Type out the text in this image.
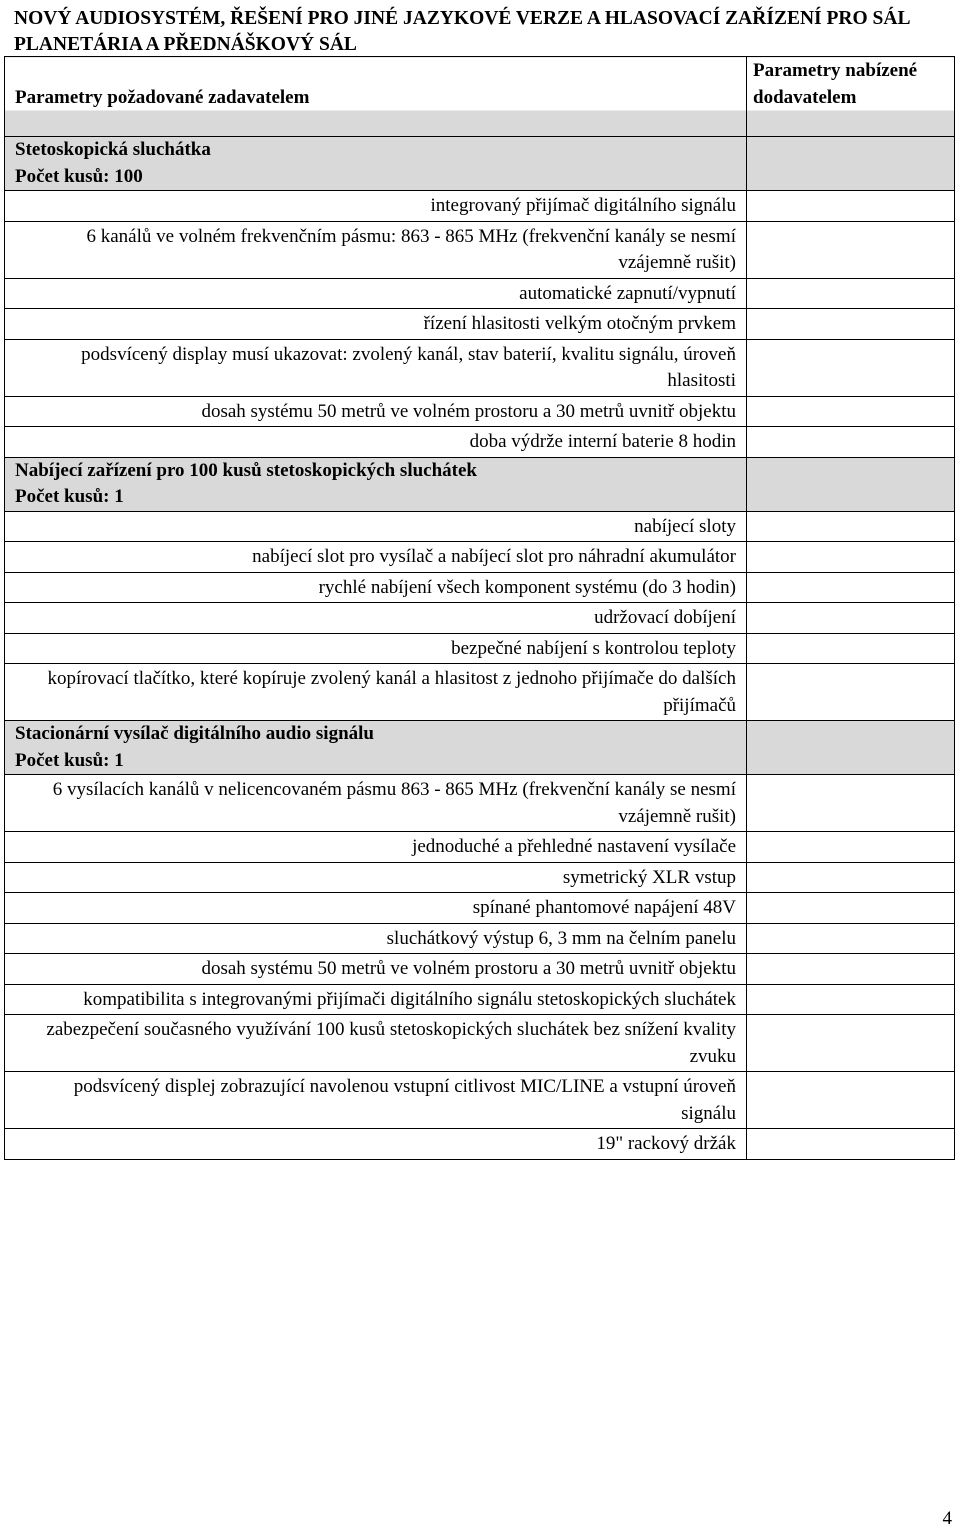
NOVÝ AUDIOSYSTÉM, ŘEŠENÍ PRO JINÉ JAZYKOVÉ VERZE A HLASOVACÍ ZAŘÍZENÍ PRO SÁL PLANETÁRIA A PŘEDNÁŠKOVÝ SÁL
Parametry požadované zadavatelem	Parametry nabízené dodavatelem

Stetoskopická sluchátka
Počet kusů: 100	

integrovaný přijímač digitálního signálu	
6 kanálů ve volném frekvenčním pásmu: 863 - 865 MHz (frekvenční kanály se nesmí vzájemně rušit)	
automatické zapnutí/vypnutí	
řízení hlasitosti velkým otočným prvkem	
podsvícený display musí ukazovat: zvolený kanál, stav baterií, kvalitu signálu, úroveň hlasitosti	
dosah systému 50 metrů ve volném prostoru a 30 metrů uvnitř objektu	
doba výdrže interní baterie 8 hodin	

Nabíjecí zařízení pro 100 kusů stetoskopických sluchátek
Počet kusů: 1	

nabíjecí sloty	
nabíjecí slot pro vysílač a nabíjecí slot pro náhradní akumulátor	
rychlé nabíjení všech komponent systému (do 3 hodin)	
udržovací dobíjení	
bezpečné nabíjení s kontrolou teploty	
kopírovací tlačítko, které kopíruje zvolený kanál a hlasitost z jednoho přijímače do dalších přijímačů	

Stacionární vysílač digitálního audio signálu
Počet kusů: 1	

6 vysílacích kanálů v nelicencovaném pásmu 863 - 865 MHz (frekvenční kanály se nesmí vzájemně rušit)	
jednoduché a přehledné nastavení vysílače	
symetrický XLR vstup	
spínané phantomové napájení 48V	
sluchátkový výstup 6, 3 mm na čelním panelu	
dosah systému 50 metrů ve volném prostoru a 30 metrů uvnitř objektu	
kompatibilita s integrovanými přijímači digitálního signálu stetoskopických sluchátek	
zabezpečení současného využívání 100 kusů stetoskopických sluchátek bez snížení kvality zvuku	
podsvícený displej zobrazující navolenou vstupní citlivost MIC/LINE a vstupní úroveň signálu	
19" rackový držák	
4
